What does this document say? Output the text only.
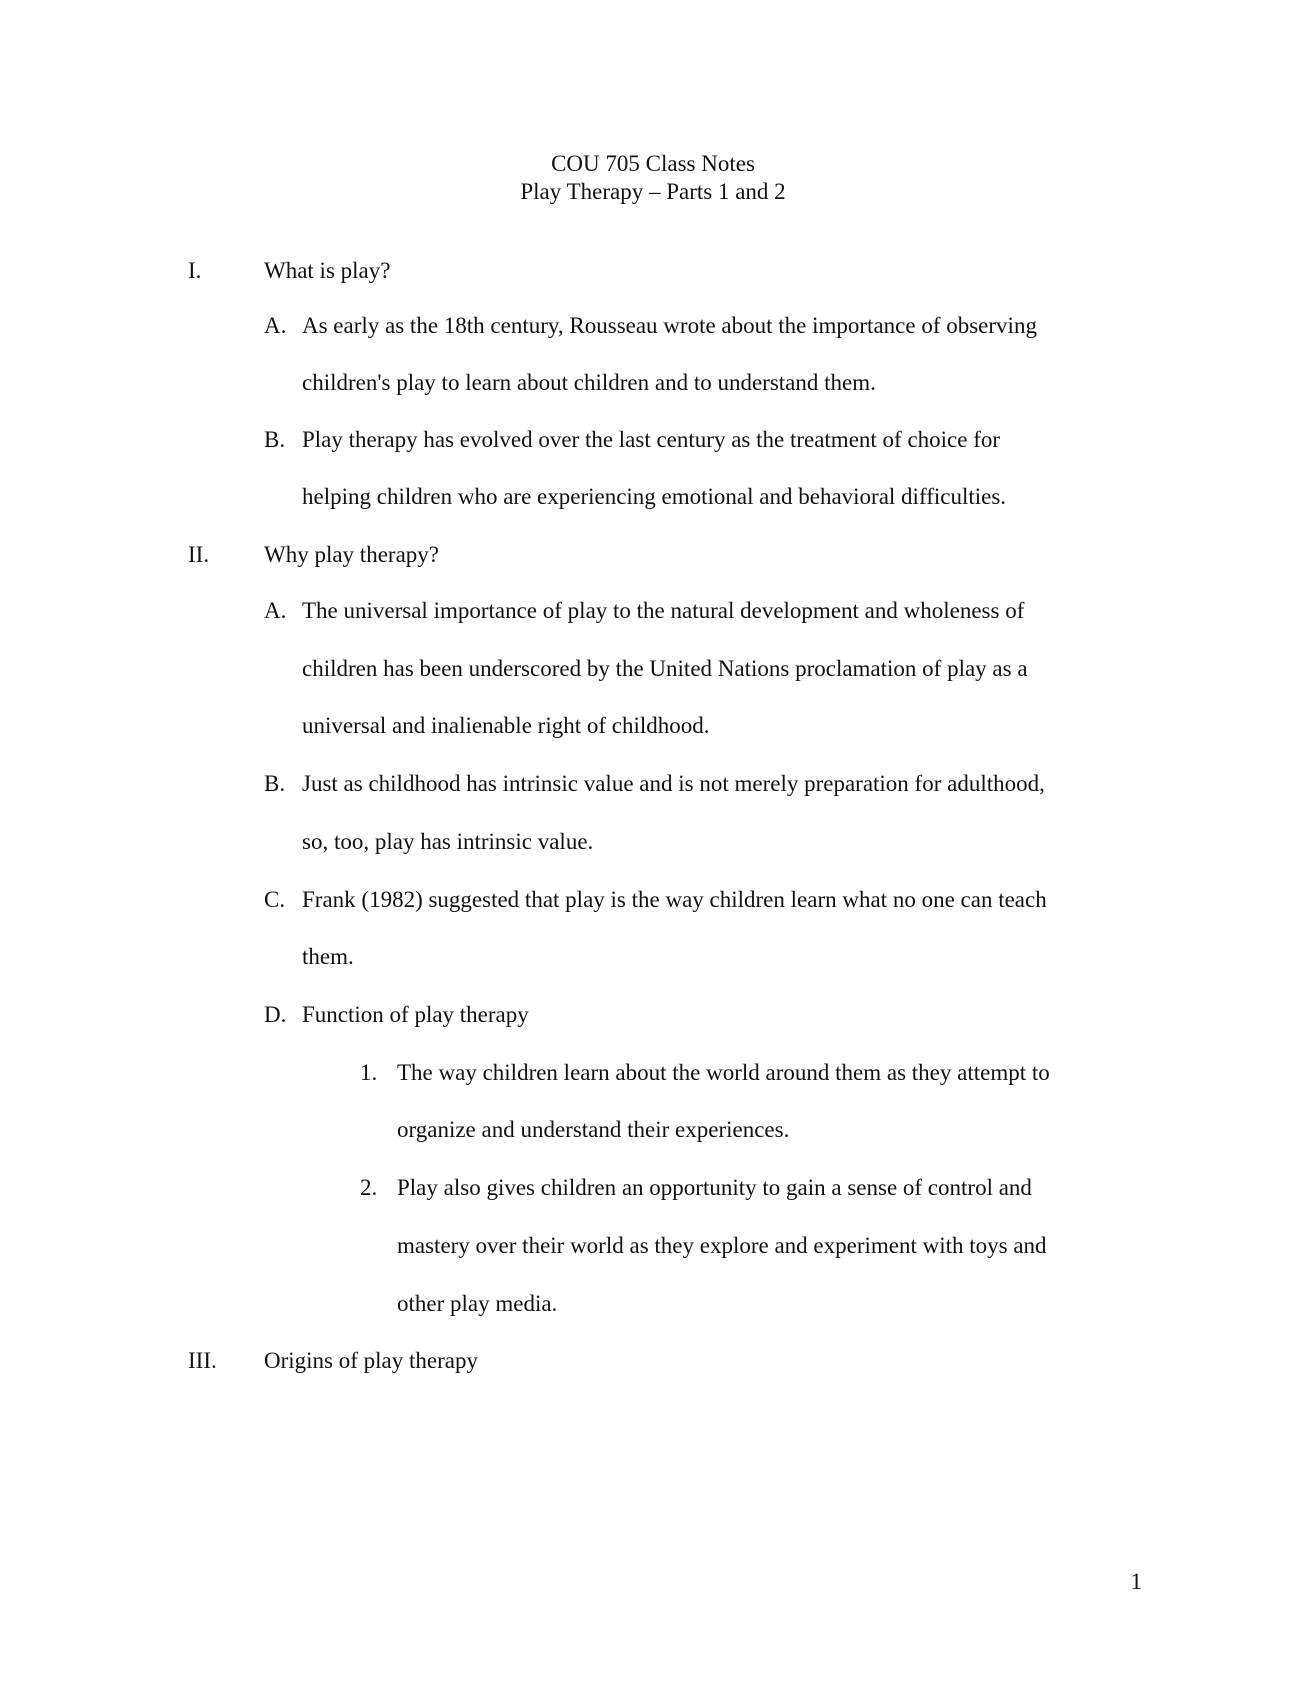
COU 705 Class Notes
Play Therapy – Parts 1 and 2
I.	What is play?
A. As early as the 18th century, Rousseau wrote about the importance of observing
children's play to learn about children and to understand them.
B. Play therapy has evolved over the last century as the treatment of choice for
helping children who are experiencing emotional and behavioral difficulties.
II. Why play therapy?
A. The universal importance of play to the natural development and wholeness of
children has been underscored by the United Nations proclamation of play as a
universal and inalienable right of childhood.
B. Just as childhood has intrinsic value and is not merely preparation for adulthood,
so, too, play has intrinsic value.
C. Frank (1982) suggested that play is the way children learn what no one can teach
them.
D. Function of play therapy
1. The way children learn about the world around them as they attempt to
organize and understand their experiences.
2. Play also gives children an opportunity to gain a sense of control and
mastery over their world as they explore and experiment with toys and
other play media.
III. Origins of play therapy
1
